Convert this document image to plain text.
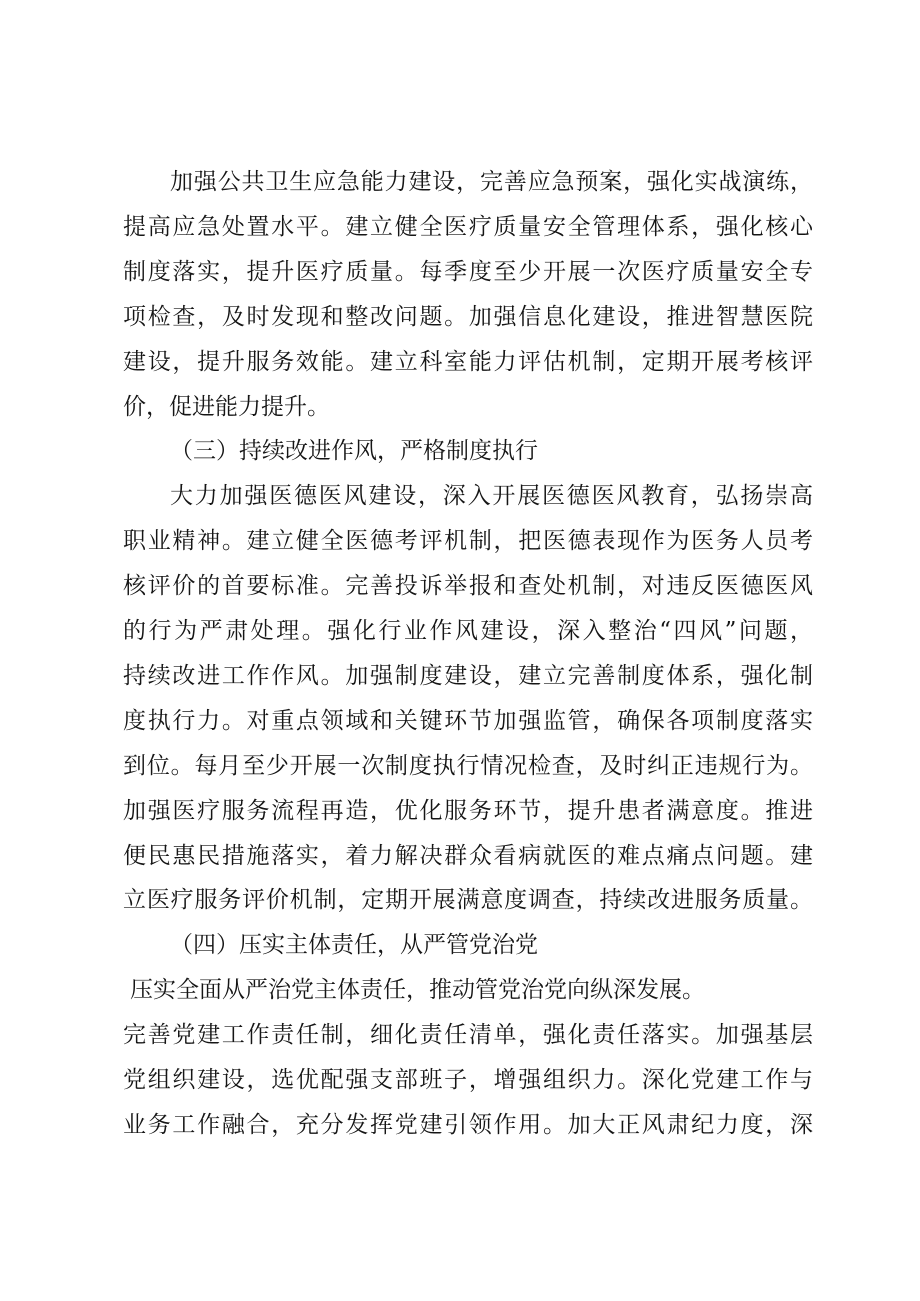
加强公共卫生应急能力建设，完善应急预案，强化实战演练，

提高应急处置水平。建立健全医疗质量安全管理体系，强化核心

制度落实，提升医疗质量。每季度至少开展一次医疗质量安全专

项检查，及时发现和整改问题。加强信息化建设，推进智慧医院

建设，提升服务效能。建立科室能力评估机制，定期开展考核评

价，促进能力提升。

（三）持续改进作风，严格制度执行

大力加强医德医风建设，深入开展医德医风教育，弘扬崇高

职业精神。建立健全医德考评机制，把医德表现作为医务人员考

核评价的首要标准。完善投诉举报和查处机制，对违反医德医风

的行为严肃处理。强化行业作风建设，深入整治“四风”问题，

持续改进工作作风。加强制度建设，建立完善制度体系，强化制

度执行力。对重点领域和关键环节加强监管，确保各项制度落实

到位。每月至少开展一次制度执行情况检查，及时纠正违规行为。

加强医疗服务流程再造，优化服务环节，提升患者满意度。推进

便民惠民措施落实，着力解决群众看病就医的难点痛点问题。建

立医疗服务评价机制，定期开展满意度调查，持续改进服务质量。

（四）压实主体责任，从严管党治党

压实全面从严治党主体责任，推动管党治党向纵深发展。

完善党建工作责任制，细化责任清单，强化责任落实。加强基层

党组织建设，选优配强支部班子，增强组织力。深化党建工作与

业务工作融合，充分发挥党建引领作用。加大正风肃纪力度，深
